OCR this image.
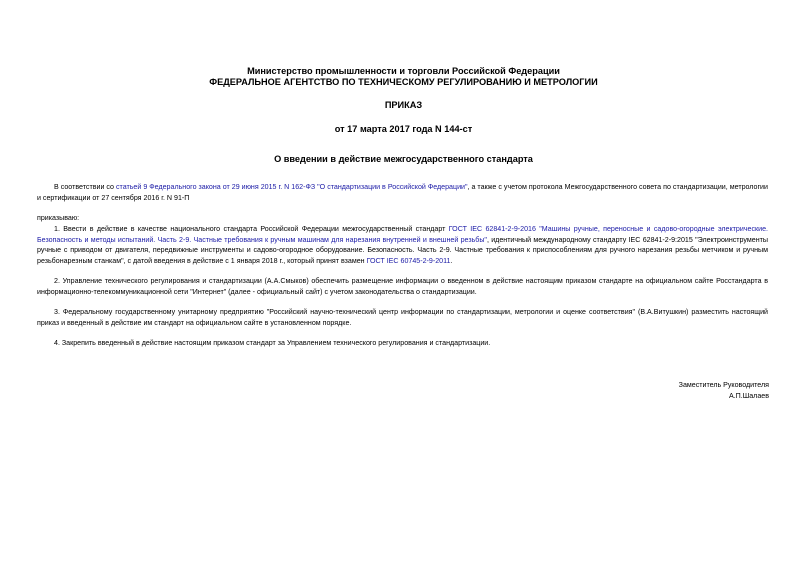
Министерство промышленности и торговли Российской Федерации
ФЕДЕРАЛЬНОЕ АГЕНТСТВО ПО ТЕХНИЧЕСКОМУ РЕГУЛИРОВАНИЮ И МЕТРОЛОГИИ
ПРИКАЗ
от 17 марта 2017 года N 144-ст
О введении в действие межгосударственного стандарта

В соответствии со статьей 9 Федерального закона от 29 июня 2015 г. N 162-ФЗ "О стандартизации в Российской Федерации", а также с учетом протокола Межгосударственного совета по стандартизации, метрологии и сертификации от 27 сентября 2016 г. N 91-П

приказываю:

1. Ввести в действие в качестве национального стандарта Российской Федерации межгосударственный стандарт ГОСТ IEC 62841-2-9-2016 "Машины ручные, переносные и садово-огородные электрические. Безопасность и методы испытаний. Часть 2-9. Частные требования к ручным машинам для нарезания внутренней и внешней резьбы", идентичный международному стандарту IEC 62841-2-9:2015 "Электроинструменты ручные с приводом от двигателя, передвижные инструменты и садово-огородное оборудование. Безопасность. Часть 2-9. Частные требования к приспособлениям для ручного нарезания резьбы метчиком и ручным резьбонарезным станкам", с датой введения в действие с 1 января 2018 г., который принят взамен ГОСТ IEC 60745-2-9-2011.

2. Управление технического регулирования и стандартизации (А.А.Смыков) обеспечить размещение информации о введенном в действие настоящим приказом стандарте на официальном сайте Росстандарта в информационно-телекоммуникационной сети "Интернет" (далее - официальный сайт) с учетом законодательства о стандартизации.

3. Федеральному государственному унитарному предприятию "Российский научно-технический центр информации по стандартизации, метрологии и оценке соответствия" (В.А.Витушкин) разместить настоящий приказ и введенный в действие им стандарт на официальном сайте в установленном порядке.

4. Закрепить введенный в действие настоящим приказом стандарт за Управлением технического регулирования и стандартизации.

Заместитель Руководителя
А.П.Шалаев
